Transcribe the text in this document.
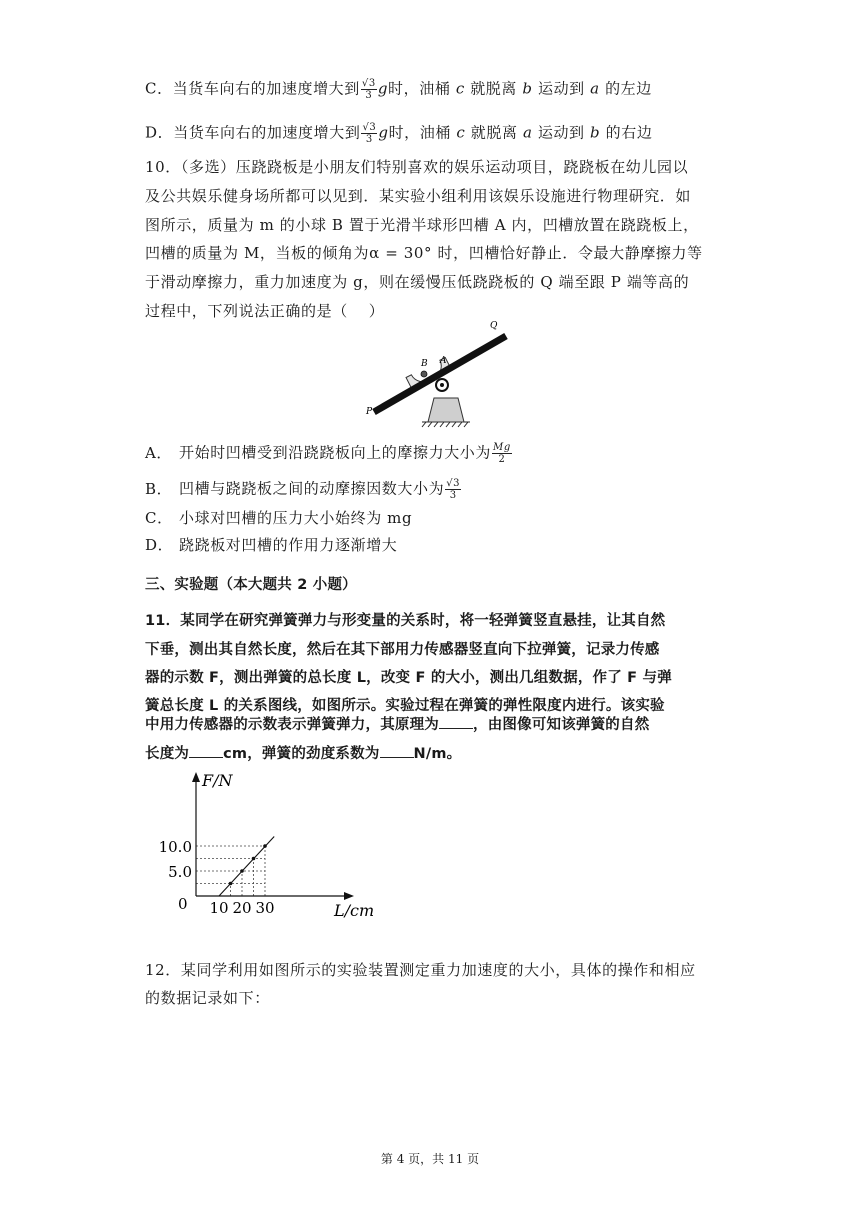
C．当货车向右的加速度增大到 $\frac{√3}{3}$ g时，油桶 c 就脱离 b 运动到 a 的左边
D．当货车向右的加速度增大到 $\frac{√3}{3}$ g时，油桶 c 就脱离 a 运动到 b 的右边
10．（多选）压跷跷板是小朋友们特别喜欢的娱乐运动项目，跷跷板在幼儿园以
及公共娱乐健身场所都可以见到．某实验小组利用该娱乐设施进行物理研究．如
图所示，质量为 m 的小球 B 置于光滑半球形凹槽 A 内，凹槽放置在跷跷板上，
凹槽的质量为 M，当板的倾角为α = 30° 时，凹槽恰好静止．令最大静摩擦力等
于滑动摩擦力，重力加速度为 g，则在缓慢压低跷跷板的 Q 端至跟 P 端等高的
过程中，下列说法正确的是（　 ）
B A
Q
P
A． 开始时凹槽受到沿跷跷板向上的摩擦力大小为 $\frac{Mg}{2}$
B． 凹槽与跷跷板之间的动摩擦因数大小为 $\frac{√3}{3}$
C． 小球对凹槽的压力大小始终为 mg
D． 跷跷板对凹槽的作用力逐渐增大
三、实验题（本大题共 2 小题）
11．某同学在研究弹簧弹力与形变量的关系时，将一轻弹簧竖直悬挂，让其自然
下垂，测出其自然长度，然后在其下部用力传感器竖直向下拉弹簧，记录力传感
器的示数 F，测出弹簧的总长度 L，改变 F 的大小，测出几组数据，作了 F 与弹
簧总长度 L 的关系图线，如图所示。实验过程在弹簧的弹性限度内进行。该实验
中用力传感器的示数表示弹簧弹力，其原理为 ，由图像可知该弹簧的自然
长度为 cm，弹簧的劲度系数为 N/m。
F/N
L/cm
0 10 20 30
5.0
10.0
12．某同学利用如图所示的实验装置测定重力加速度的大小，具体的操作和相应
的数据记录如下：
第 4 页，共 11 页
